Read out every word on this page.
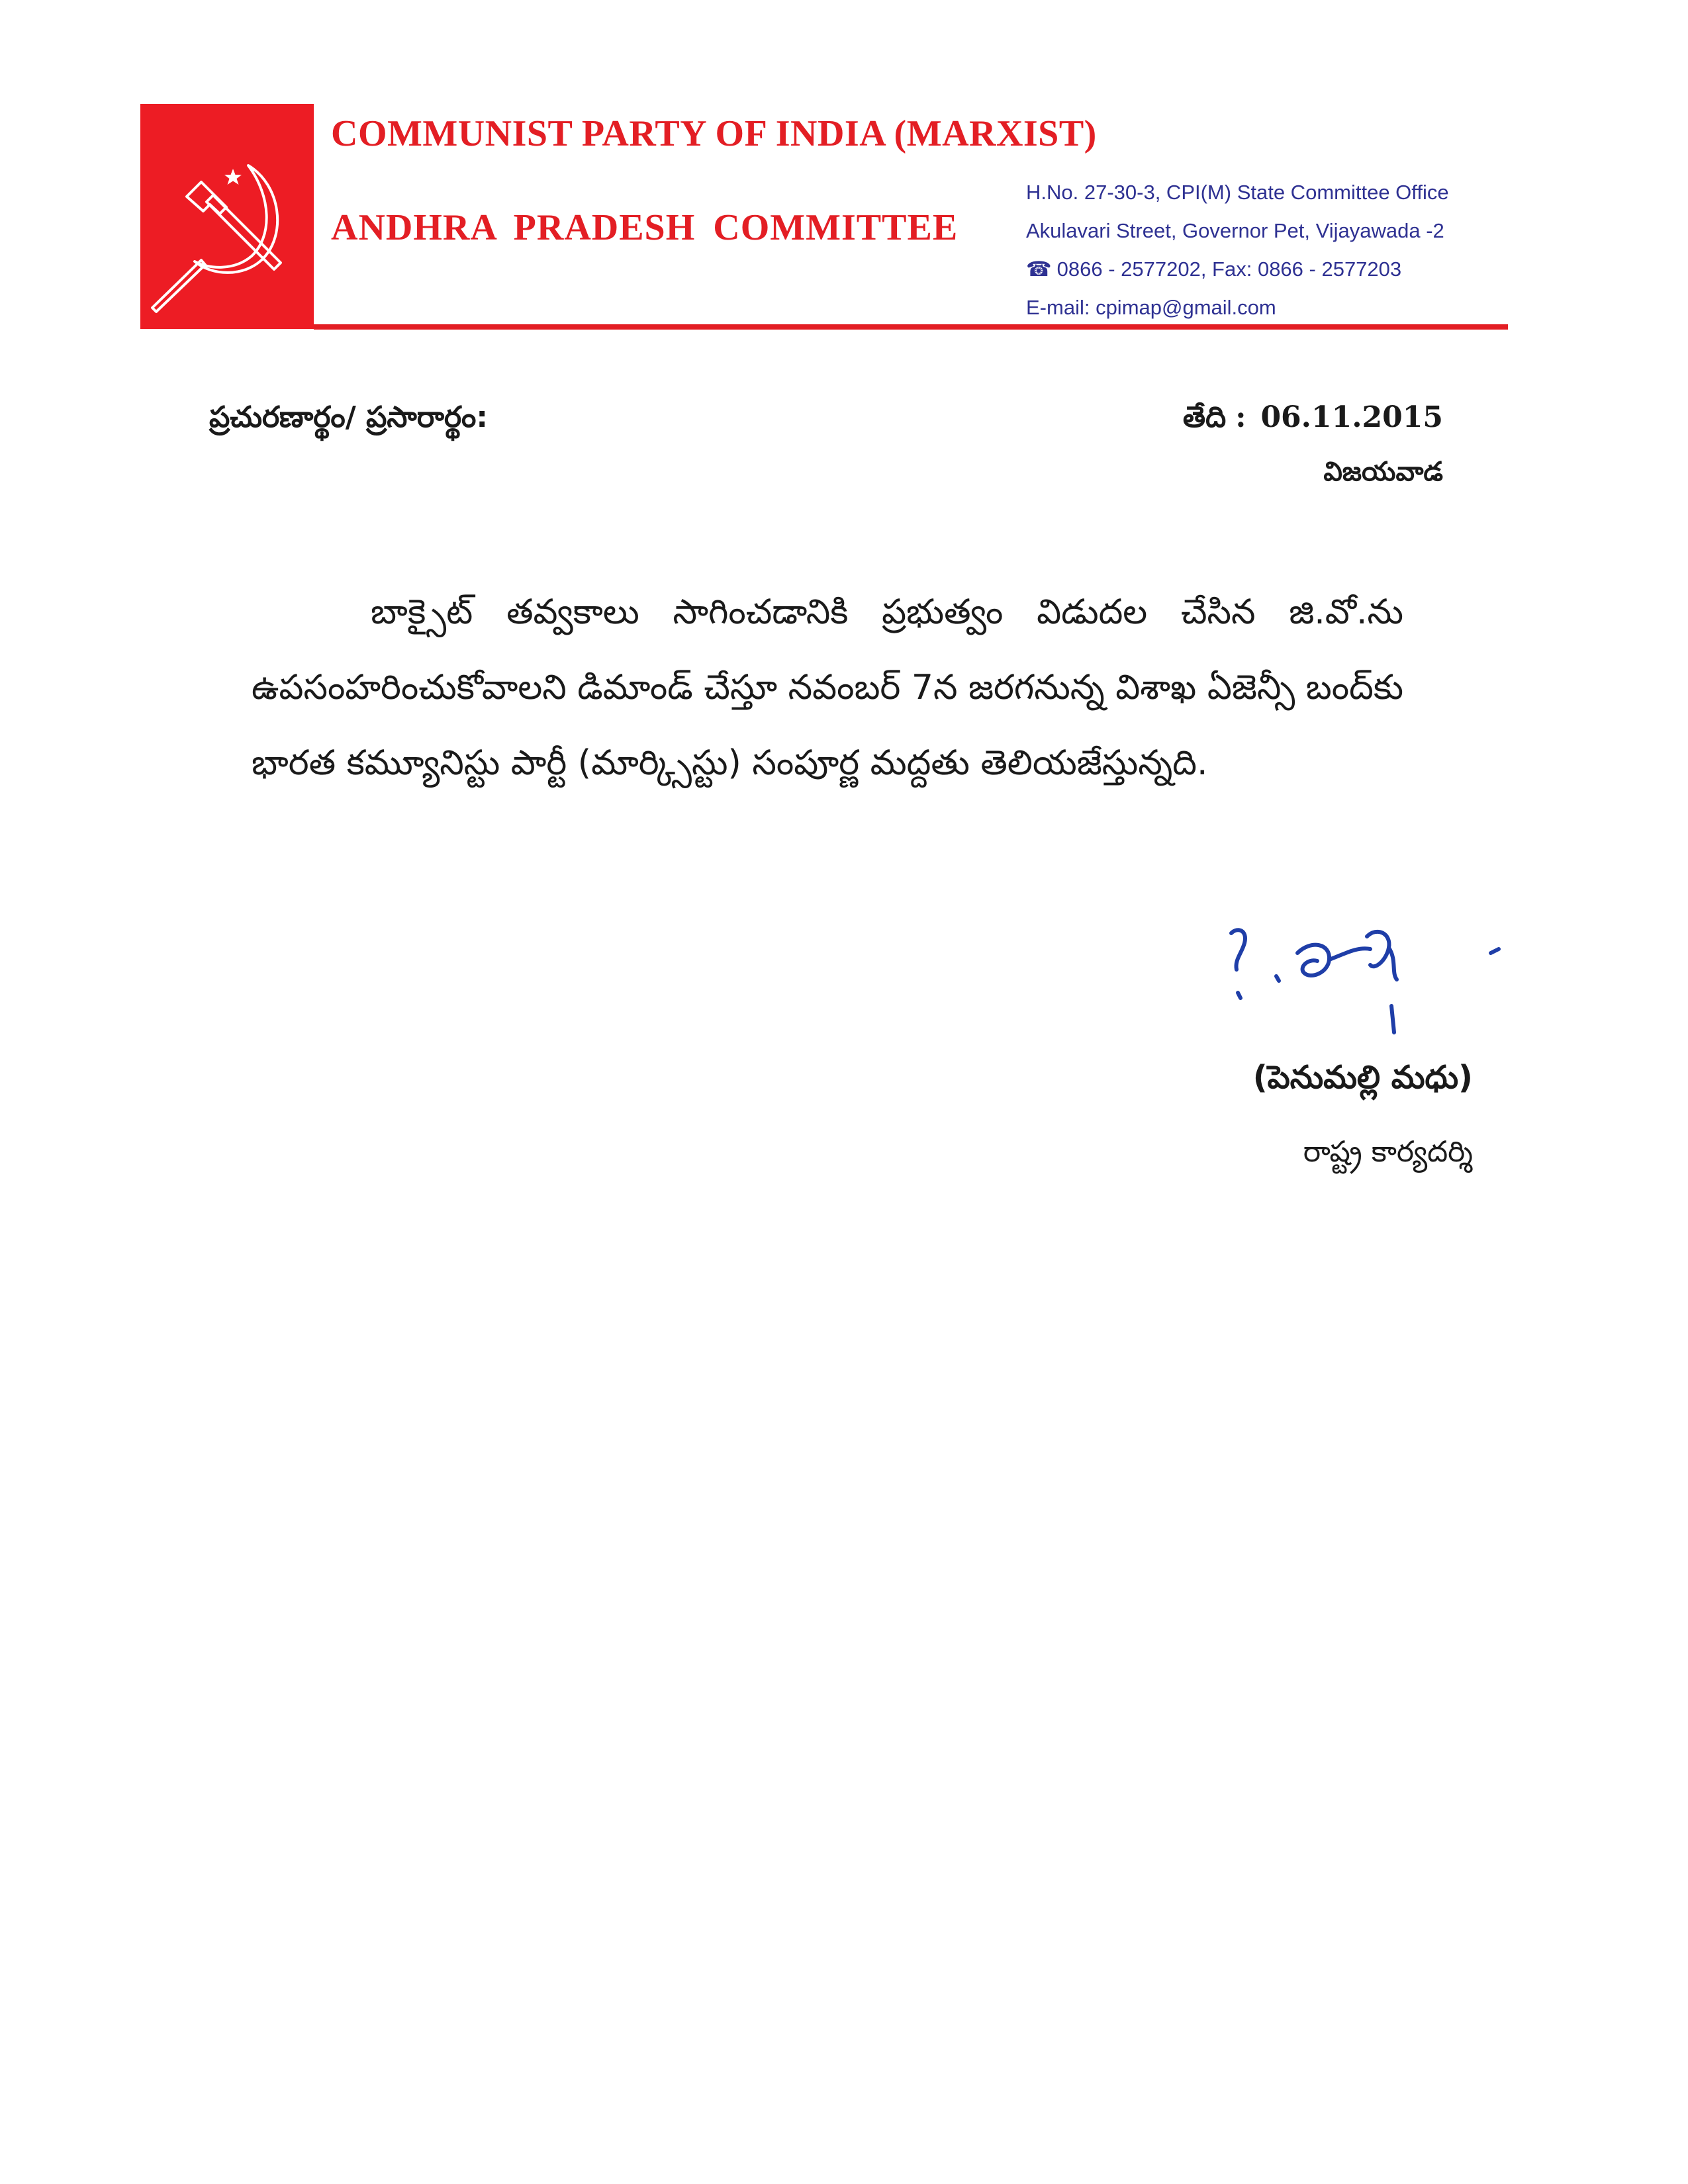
COMMUNIST PARTY OF INDIA (MARXIST)
ANDHRA PRADESH COMMITTEE
H.No. 27-30-3, CPI(M) State Committee Office
Akulavari Street, Governor Pet, Vijayawada -2
☎ 0866 - 2577202, Fax: 0866 - 2577203
E-mail: cpimap@gmail.com
ప్రచురణార్థం/ ప్రసారార్థం:	తేది : 06.11.2015
విజయవాడ
బాక్సైట్ తవ్వకాలు సాగించడానికి ప్రభుత్వం విడుదల చేసిన జి.వో.ను ఉపసంహరించుకోవాలని డిమాండ్ చేస్తూ నవంబర్ 7న జరగనున్న విశాఖ ఏజెన్సీ బంద్‌కు భారత కమ్యూనిస్టు పార్టీ (మార్క్సిస్టు) సంపూర్ణ మద్దతు తెలియజేస్తున్నది.
(పెనుమల్లి మధు)
రాష్ట్ర కార్యదర్శి
